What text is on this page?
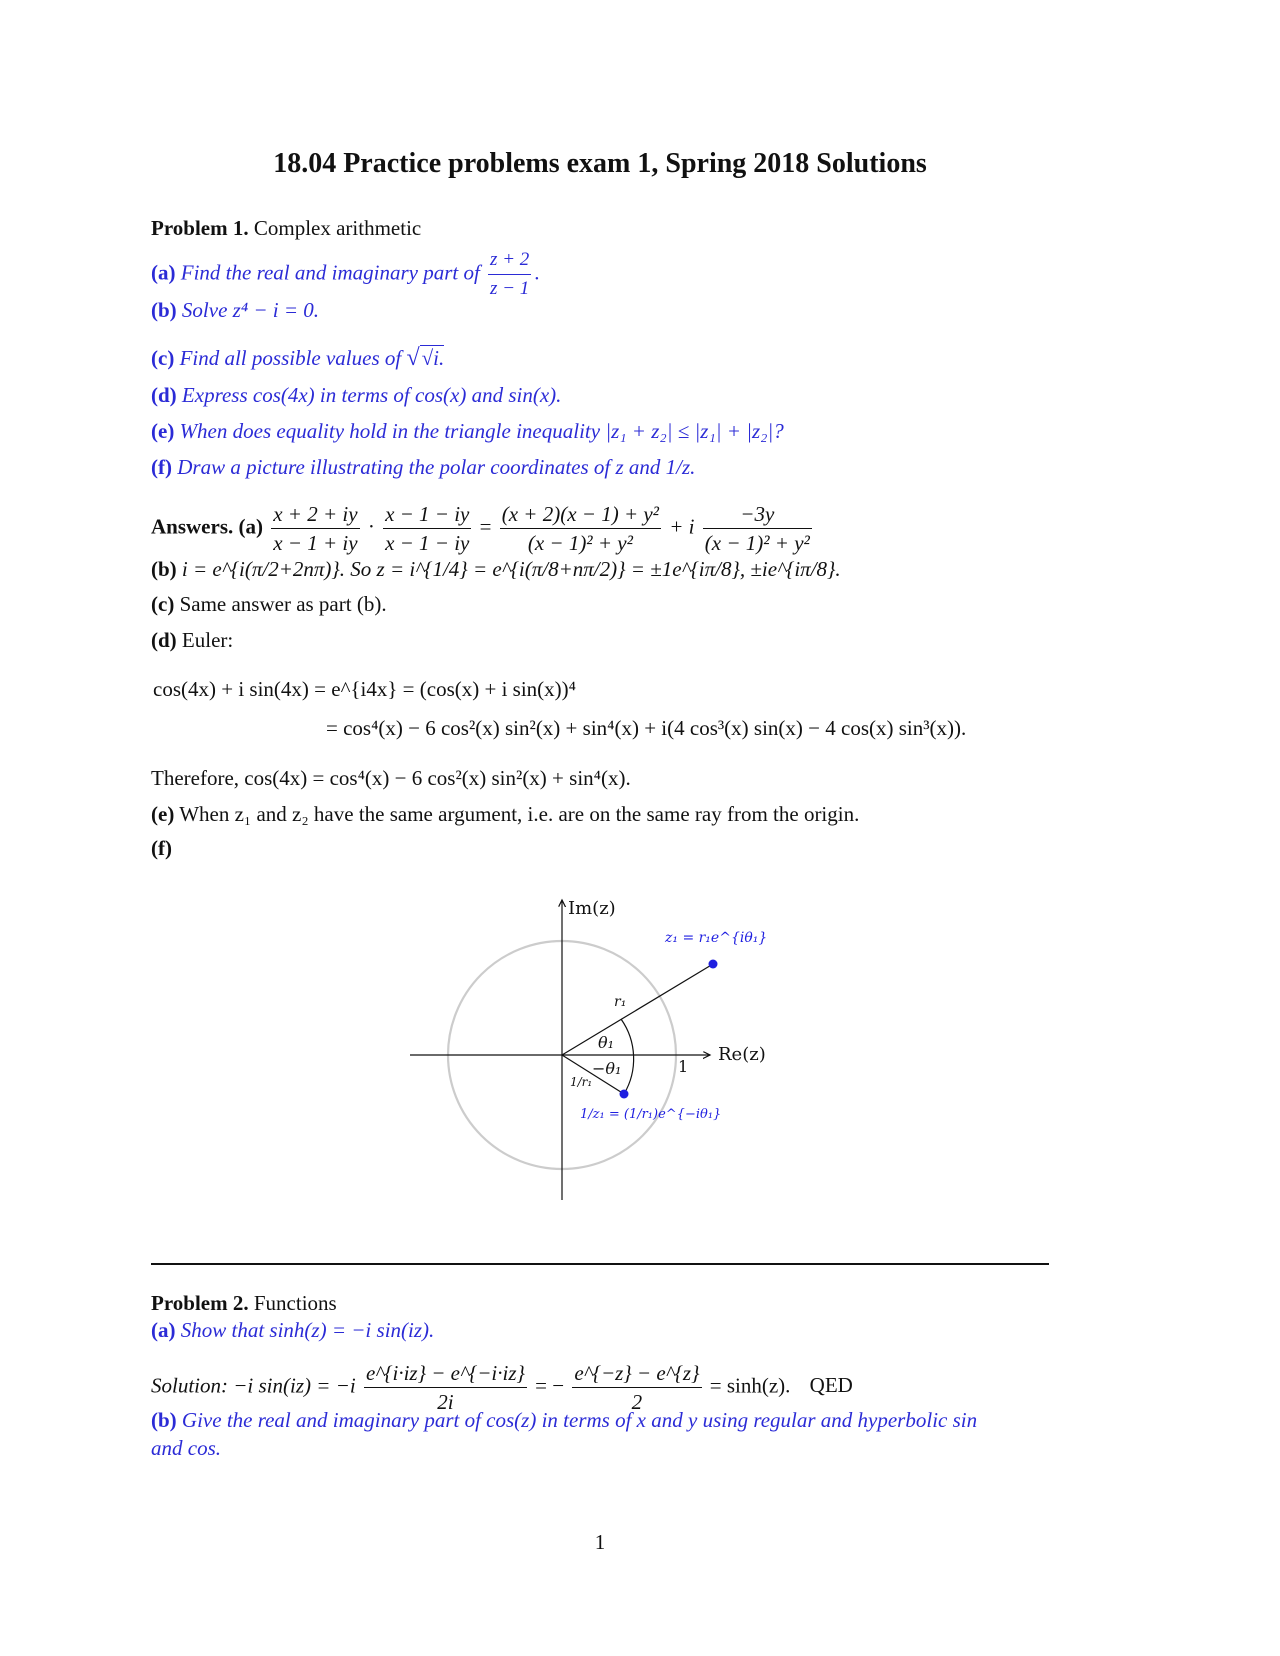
18.04 Practice problems exam 1, Spring 2018 Solutions
Problem 1. Complex arithmetic
(a) Find the real and imaginary part of $\frac{z + 2}{z - 1}$ .
(b) Solve z⁴ − i = 0.
(c) Find all possible values of √√i.
(d) Express cos(4x) in terms of cos(x) and sin(x).
(e) When does equality hold in the triangle inequality |z₁ + z₂| ≤ |z₁| + |z₂|?
(f) Draw a picture illustrating the polar coordinates of z and 1/z.
Answers. $(a) \frac{x + 2 + iy}{x - 1 + iy} \cdot \frac{x - 1 - iy}{x - 1 - iy} = \frac{\text{(x + 2)(x − 1) + y²}}{\text{(x − 1)² + y²}} + i \frac{-3y}{\text{(x − 1)² + y²}}$
(b) i = e^{i(π/2+2nπ)}. So z = i^{1/4} = e^{i(π/8+nπ/2)} = ±1e^{iπ/8}, ±ie^{iπ/8}.
(c) Same answer as part (b).
(d) Euler:
cos(4x) + i sin(4x) = e^{i4x} = (cos(x) + i sin(x))⁴
= cos⁴(x) − 6 cos²(x) sin²(x) + sin⁴(x) + i(4 cos³(x) sin(x) − 4 cos(x) sin³(x)).
Therefore, cos(4x) = cos⁴(x) − 6 cos²(x) sin²(x) + sin⁴(x).
(e) When z₁ and z₂ have the same argument, i.e. are on the same ray from the origin.
(f)
Im(z)
Re(z)
z₁ = r₁e^{iθ₁}
r₁
θ₁
−θ₁	1
1/r₁
1/z₁ = (1/r₁)e^{−iθ₁}
Problem 2. Functions
(a) Show that sinh(z) = −i sin(iz).
Solution: −i $\sin(iz) = -i \frac{e\^{}\{i\cdot iz\} - e\^{}\{-i\cdot iz\}}{2i}$ = − $\frac{e\^{}\{-z\} - e\^{}\{z\}}{2} = \sinh(z)$. QED
(b) Give the real and imaginary part of cos(z) in terms of x and y using regular and hyperbolic sin
and cos.
1
